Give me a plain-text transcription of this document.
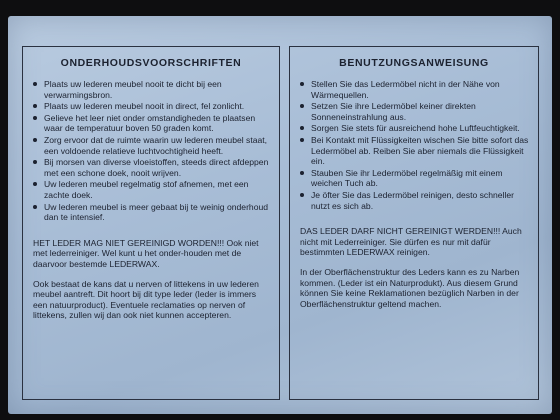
ONDERHOUDSVOORSCHRIFTEN
Plaats uw lederen meubel nooit te dicht bij een verwarmingsbron.
Plaats uw lederen meubel nooit in direct, fel zonlicht.
Gelieve het leer niet onder omstandigheden te plaatsen waar de temperatuur boven 50 graden komt.
Zorg ervoor dat de ruimte waarin uw lederen meubel staat, een voldoende relatieve luchtvochtigheid heeft.
Bij morsen van diverse vloeistoffen, steeds direct afdeppen met een schone doek, nooit wrijven.
Uw lederen meubel regelmatig stof afnemen, met een zachte doek.
Uw lederen meubel is meer gebaat bij te weinig onderhoud dan te intensief.

HET LEDER MAG NIET GEREINIGD WORDEN!!! Ook niet met lederreiniger. Wel kunt u het onder-houden met de daarvoor bestemde LEDERWAX.

Ook bestaat de kans dat u nerven of littekens in uw lederen meubel aantreft. Dit hoort bij dit type leder (leder is immers een natuurproduct). Eventuele reclamaties op nerven of littekens, zullen wij dan ook niet kunnen accepteren.

BENUTZUNGSANWEISUNG
Stellen Sie das Ledermöbel nicht in der Nähe von Wärmequellen.
Setzen Sie ihre Ledermöbel keiner direkten Sonneneinstrahlung aus.
Sorgen Sie stets für ausreichend hohe Luftfeuchtigkeit.
Bei Kontakt mit Flüssigkeiten wischen Sie bitte sofort das Ledermöbel ab. Reiben Sie aber niemals die Flüssigkeit ein.
Stauben Sie ihr Ledermöbel regelmäßig mit einem weichen Tuch ab.
Je öfter Sie das Ledermöbel reinigen, desto schneller nutzt es sich ab.

DAS LEDER DARF NICHT GEREINIGT WERDEN!!! Auch nicht mit Lederreiniger. Sie dürfen es nur mit dafür bestimmten LEDERWAX reinigen.

In der Oberflächenstruktur des Leders kann es zu Narben kommen. (Leder ist ein Naturprodukt). Aus diesem Grund können Sie keine Reklamationen bezüglich Narben in der Oberflächenstruktur geltend machen.
